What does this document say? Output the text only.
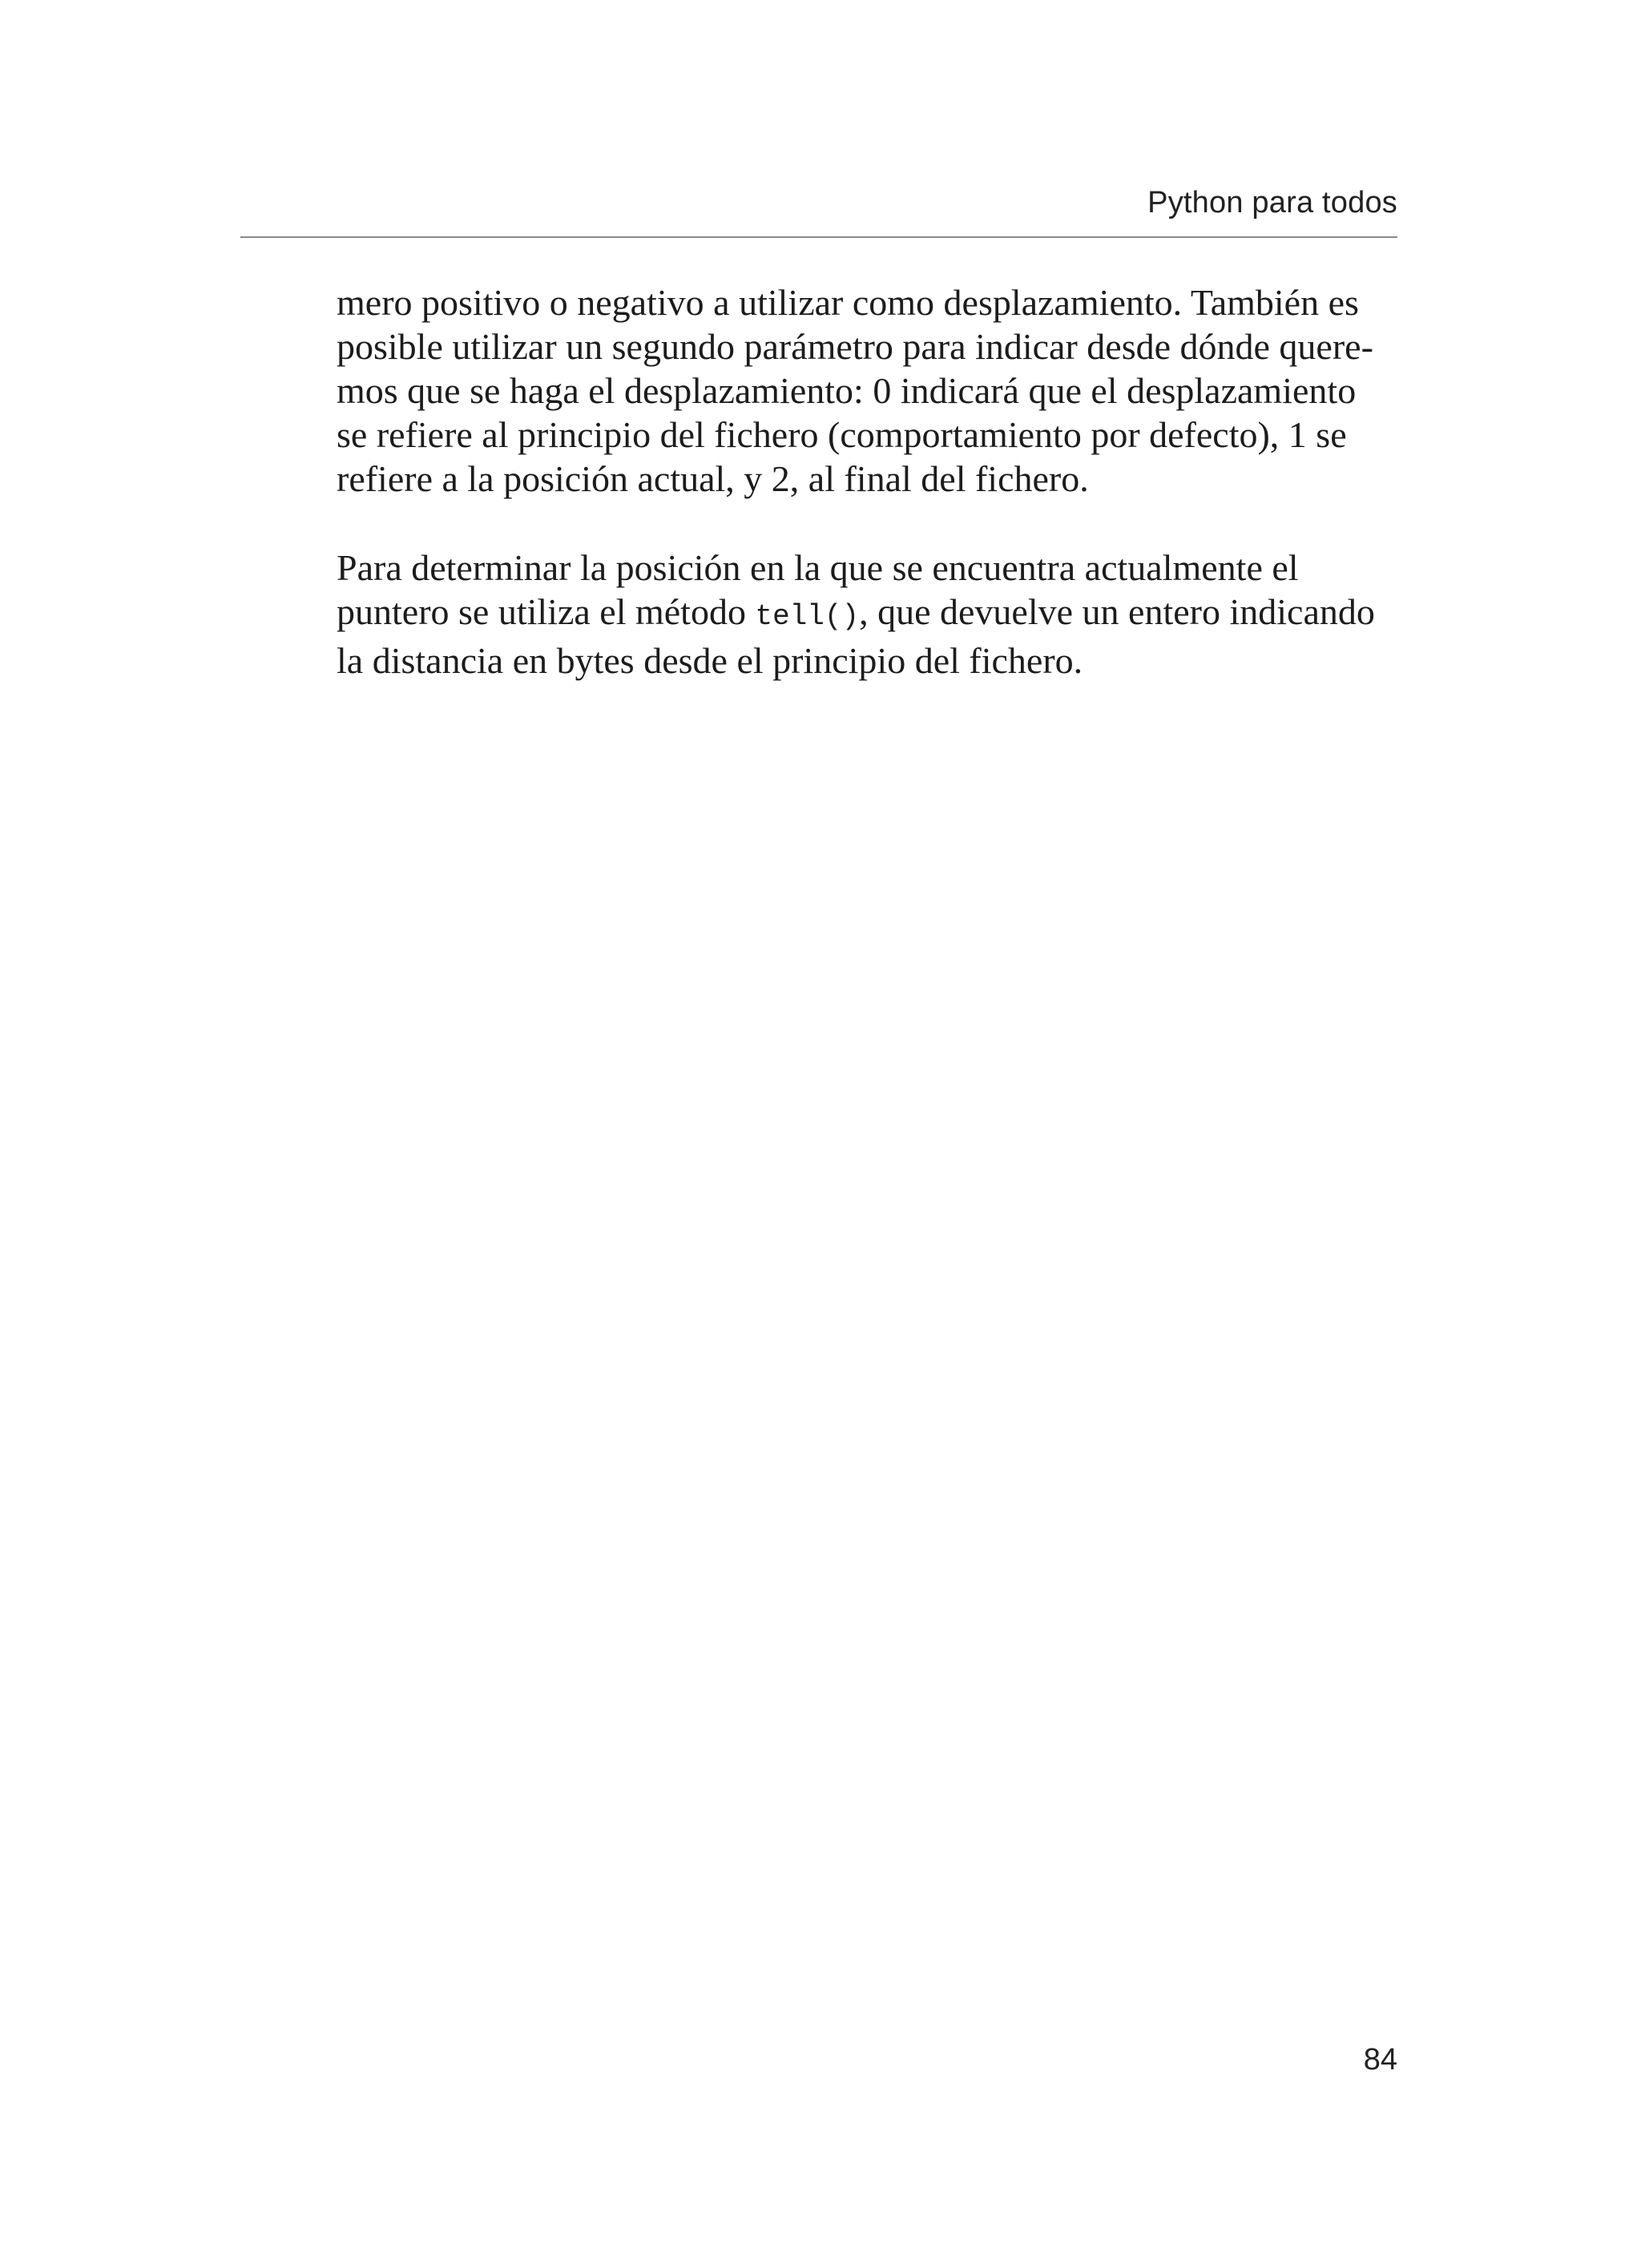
Python para todos

mero positivo o negativo a utilizar como desplazamiento. También es
posible utilizar un segundo parámetro para indicar desde dónde quere-
mos que se haga el desplazamiento: 0 indicará que el desplazamiento
se refiere al principio del fichero (comportamiento por defecto), 1 se
refiere a la posición actual, y 2, al final del fichero.

Para determinar la posición en la que se encuentra actualmente el
puntero se utiliza el método tell(), que devuelve un entero indicando
la distancia en bytes desde el principio del fichero.

84
